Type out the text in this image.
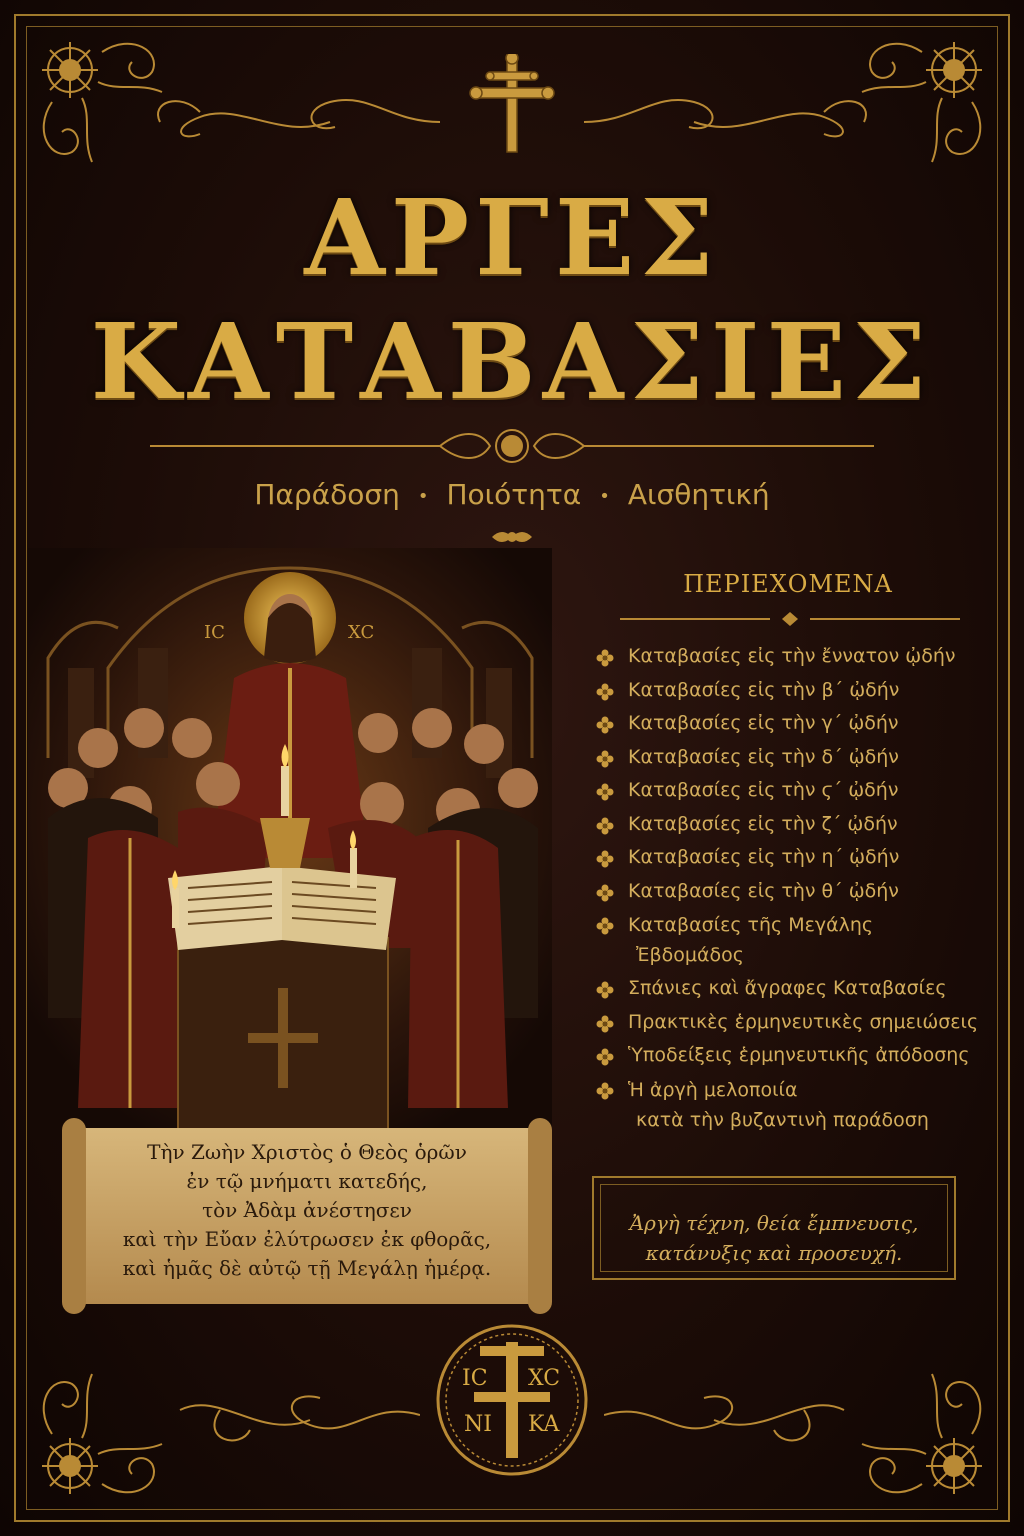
ΑΡΓΕΣ
ΚΑΤΑΒΑΣΙΕΣ
Παράδοση • Ποιότητα • Αισθητική
IC	XC
Τὴν Ζωὴν Χριστὸς ὁ Θεὸς ὁρῶν
ἐν τῷ μνήματι κατεδής,
τὸν Ἀδὰμ ἀνέστησεν
καὶ τὴν Εὔαν ἐλύτρωσεν ἐκ φθορᾶς,
καὶ ἡμᾶς δὲ αὐτῷ τῇ Μεγάλῃ ἡμέρᾳ.
ΠΕΡΙΕΧΟΜΕΝΑ
Καταβασίες εἰς τὴν ἔννατον ᾠδήν
Καταβασίες εἰς τὴν β΄ ᾠδήν
Καταβασίες εἰς τὴν γ΄ ᾠδήν
Καταβασίες εἰς τὴν δ΄ ᾠδήν
Καταβασίες εἰς τὴν ϛ΄ ᾠδήν
Καταβασίες εἰς τὴν ζ΄ ᾠδήν
Καταβασίες εἰς τὴν η΄ ᾠδήν
Καταβασίες εἰς τὴν θ΄ ᾠδήν
Καταβασίες τῆς Μεγάλης
Ἐβδομάδος
Σπάνιες καὶ ἄγραφες Καταβασίες
Πρακτικὲς ἑρμηνευτικὲς σημειώσεις
Ὑποδείξεις ἑρμηνευτικῆς ἀπόδοσης
Ἡ ἀργὴ μελοποιία
κατὰ τὴν βυζαντινὴ παράδοση
Ἀργὴ τέχνη, θεία ἔμπνευσις,
κατάνυξις καὶ προσευχή.
IC XC
NI KA
